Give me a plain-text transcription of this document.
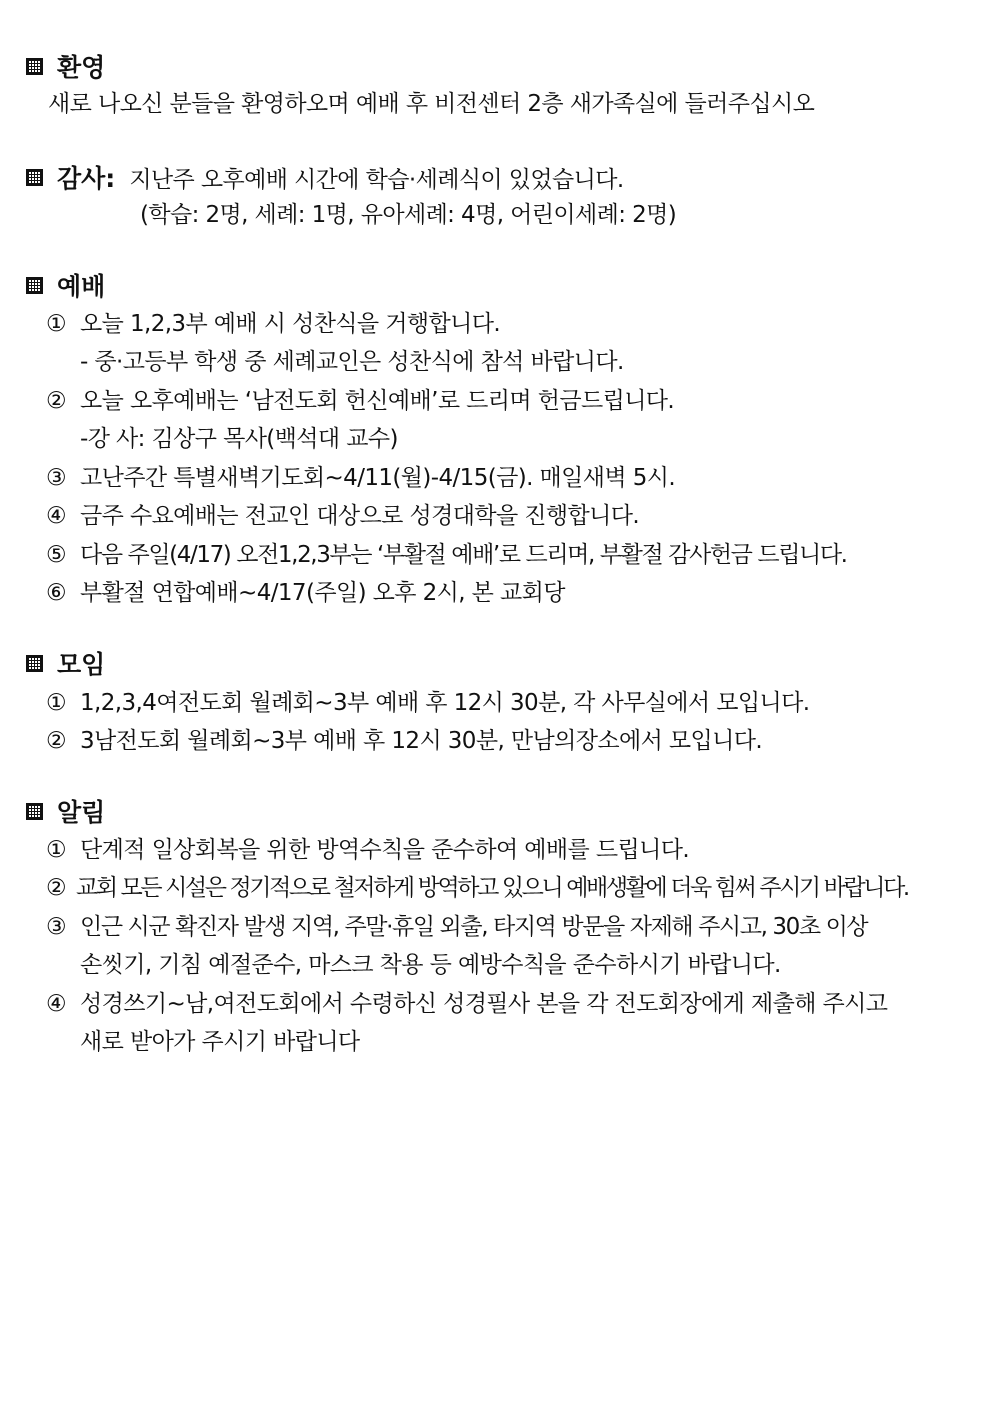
환영
새로 나오신 분들을 환영하오며 예배 후 비전센터 2층 새가족실에 들러주십시오
감사: 지난주 오후예배 시간에 학습·세례식이 있었습니다.
(학습: 2명, 세례: 1명, 유아세례: 4명, 어린이세례: 2명)
예배
① 오늘 1,2,3부 예배 시 성찬식을 거행합니다.
- 중·고등부 학생 중 세례교인은 성찬식에 참석 바랍니다.
② 오늘 오후예배는 ‘남전도회 헌신예배’로 드리며 헌금드립니다.
-강 사: 김상구 목사(백석대 교수)
③ 고난주간 특별새벽기도회~4/11(월)-4/15(금). 매일새벽 5시.
④ 금주 수요예배는 전교인 대상으로 성경대학을 진행합니다.
⑤ 다음 주일(4/17) 오전1,2,3부는 ‘부활절 예배’로 드리며, 부활절 감사헌금 드립니다.
⑥ 부활절 연합예배~4/17(주일) 오후 2시, 본 교회당
모임
① 1,2,3,4여전도회 월례회~3부 예배 후 12시 30분, 각 사무실에서 모입니다.
② 3남전도회 월례회~3부 예배 후 12시 30분, 만남의장소에서 모입니다.
알림
① 단계적 일상회복을 위한 방역수칙을 준수하여 예배를 드립니다.
② 교회 모든 시설은 정기적으로 철저하게 방역하고 있으니 예배생활에 더욱 힘써 주시기 바랍니다.
③ 인근 시군 확진자 발생 지역, 주말·휴일 외출, 타지역 방문을 자제해 주시고, 30초 이상
손씻기, 기침 예절준수, 마스크 착용 등 예방수칙을 준수하시기 바랍니다.
④ 성경쓰기~남,여전도회에서 수령하신 성경필사 본을 각 전도회장에게 제출해 주시고
새로 받아가 주시기 바랍니다
